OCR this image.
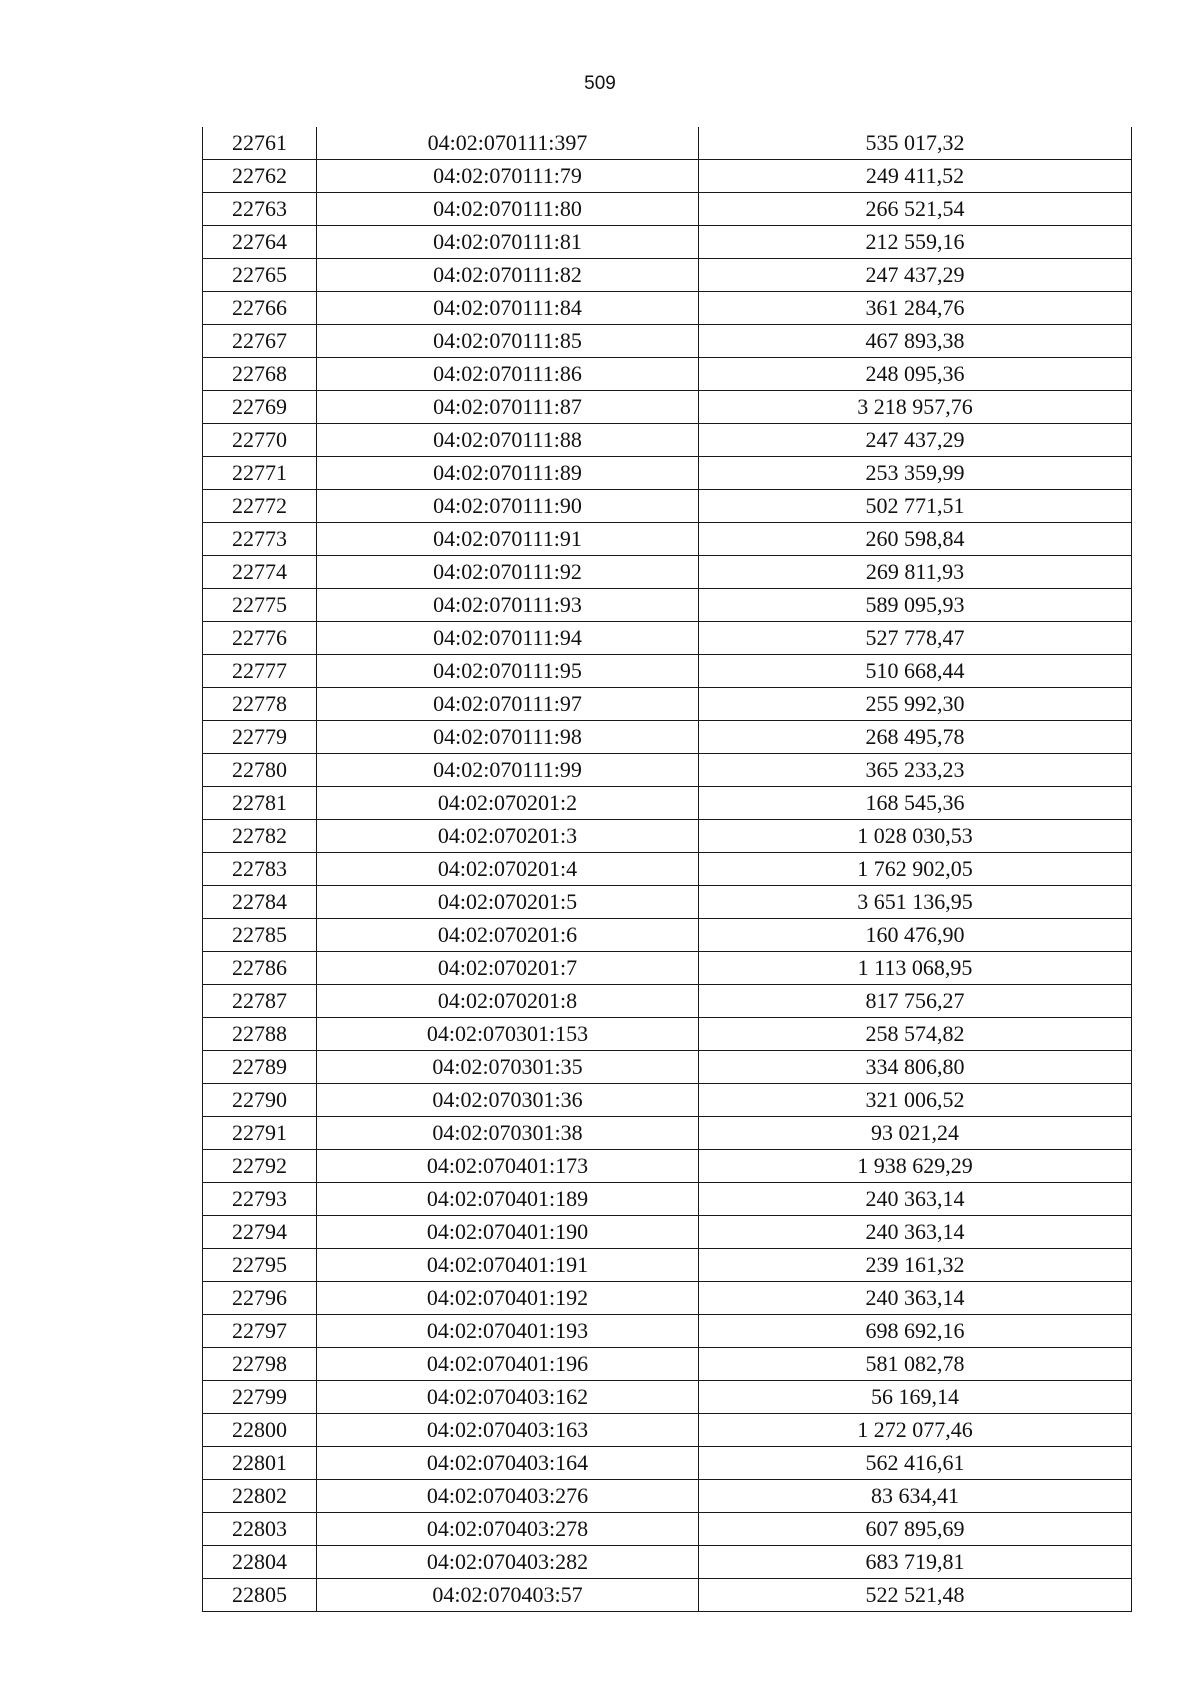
509
22761	04:02:070111:397	535 017,32
22762	04:02:070111:79	249 411,52
22763	04:02:070111:80	266 521,54
22764	04:02:070111:81	212 559,16
22765	04:02:070111:82	247 437,29
22766	04:02:070111:84	361 284,76
22767	04:02:070111:85	467 893,38
22768	04:02:070111:86	248 095,36
22769	04:02:070111:87	3 218 957,76
22770	04:02:070111:88	247 437,29
22771	04:02:070111:89	253 359,99
22772	04:02:070111:90	502 771,51
22773	04:02:070111:91	260 598,84
22774	04:02:070111:92	269 811,93
22775	04:02:070111:93	589 095,93
22776	04:02:070111:94	527 778,47
22777	04:02:070111:95	510 668,44
22778	04:02:070111:97	255 992,30
22779	04:02:070111:98	268 495,78
22780	04:02:070111:99	365 233,23
22781	04:02:070201:2	168 545,36
22782	04:02:070201:3	1 028 030,53
22783	04:02:070201:4	1 762 902,05
22784	04:02:070201:5	3 651 136,95
22785	04:02:070201:6	160 476,90
22786	04:02:070201:7	1 113 068,95
22787	04:02:070201:8	817 756,27
22788	04:02:070301:153	258 574,82
22789	04:02:070301:35	334 806,80
22790	04:02:070301:36	321 006,52
22791	04:02:070301:38	93 021,24
22792	04:02:070401:173	1 938 629,29
22793	04:02:070401:189	240 363,14
22794	04:02:070401:190	240 363,14
22795	04:02:070401:191	239 161,32
22796	04:02:070401:192	240 363,14
22797	04:02:070401:193	698 692,16
22798	04:02:070401:196	581 082,78
22799	04:02:070403:162	56 169,14
22800	04:02:070403:163	1 272 077,46
22801	04:02:070403:164	562 416,61
22802	04:02:070403:276	83 634,41
22803	04:02:070403:278	607 895,69
22804	04:02:070403:282	683 719,81
22805	04:02:070403:57	522 521,48
